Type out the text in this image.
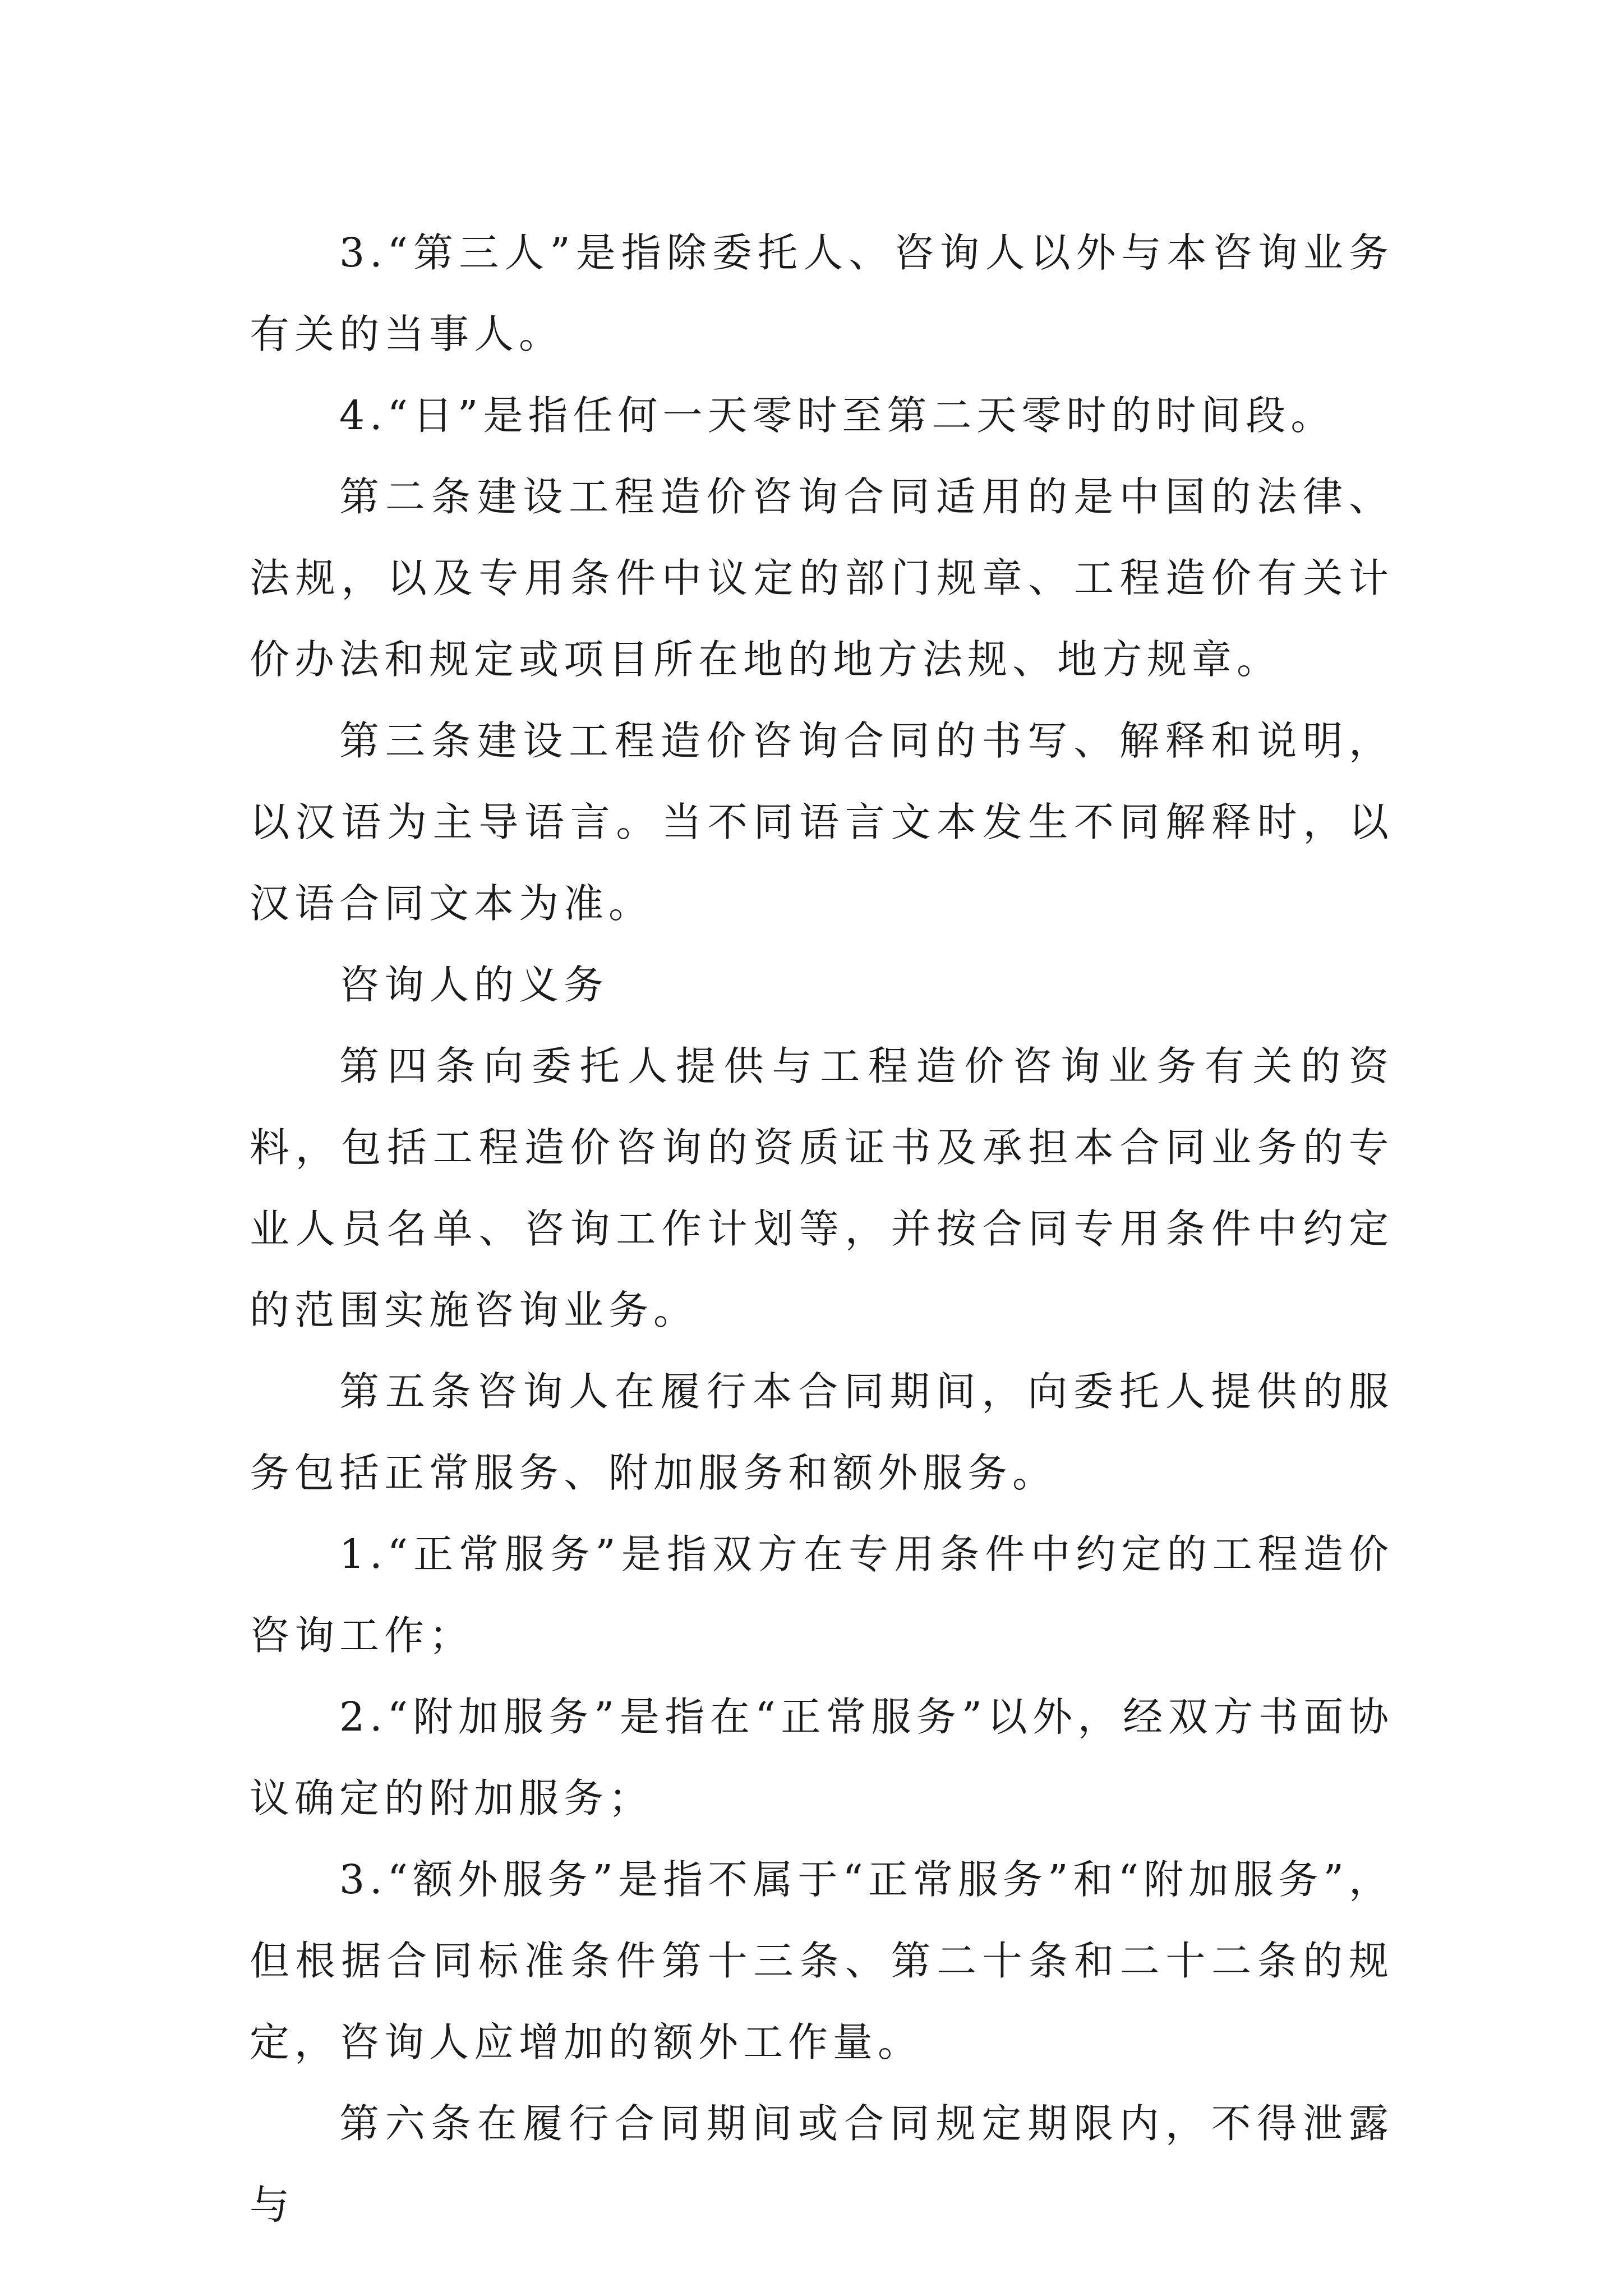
3.“第三人”是指除委托人、咨询人以外与本咨询业务有关的当事人。

4.“日”是指任何一天零时至第二天零时的时间段。

第二条建设工程造价咨询合同适用的是中国的法律、法规，以及专用条件中议定的部门规章、工程造价有关计价办法和规定或项目所在地的地方法规、地方规章。

第三条建设工程造价咨询合同的书写、解释和说明，以汉语为主导语言。当不同语言文本发生不同解释时，以汉语合同文本为准。

咨询人的义务

第四条向委托人提供与工程造价咨询业务有关的资料，包括工程造价咨询的资质证书及承担本合同业务的专业人员名单、咨询工作计划等，并按合同专用条件中约定的范围实施咨询业务。

第五条咨询人在履行本合同期间，向委托人提供的服务包括正常服务、附加服务和额外服务。

1.“正常服务”是指双方在专用条件中约定的工程造价咨询工作；

2.“附加服务”是指在“正常服务”以外，经双方书面协议确定的附加服务；

3.“额外服务”是指不属于“正常服务”和“附加服务”，但根据合同标准条件第十三条、第二十条和二十二条的规定，咨询人应增加的额外工作量。

第六条在履行合同期间或合同规定期限内，不得泄露与
